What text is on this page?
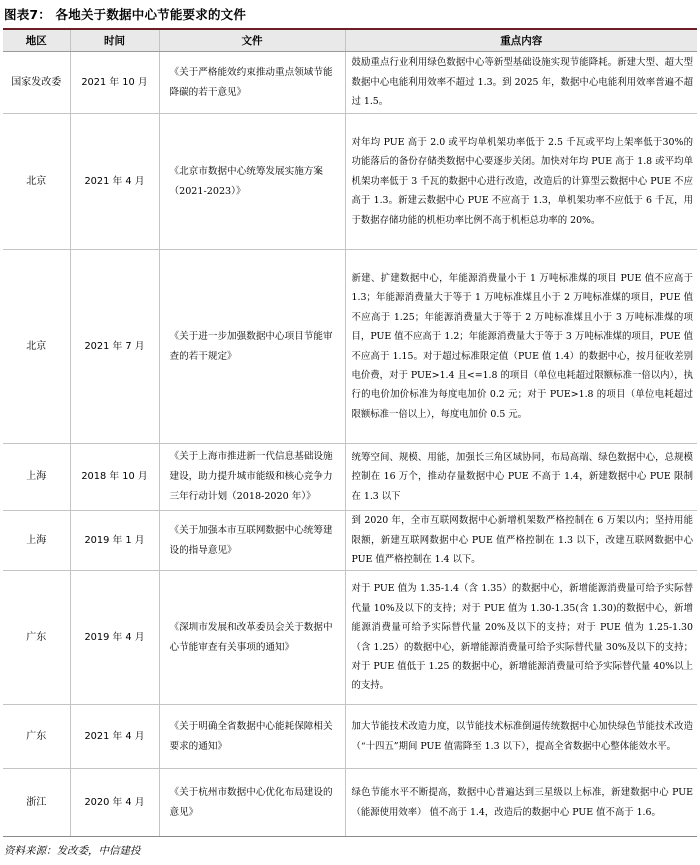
图表7： 各地关于数据中心节能要求的文件
地区	时间	文件	重点内容
国家发改委	2021 年 10 月	《关于严格能效约束推动重点领域节能降碳的若干意见》	鼓励重点行业利用绿色数据中心等新型基础设施实现节能降耗。新建大型、超大型数据中心电能利用效率不超过 1.3。到 2025 年，数据中心电能利用效率普遍不超过 1.5。
北京	2021 年 4 月	《北京市数据中心统筹发展实施方案（2021-2023）》	对年均 PUE 高于 2.0 或平均单机架功率低于 2.5 千瓦或平均上架率低于30%的功能落后的备份存储类数据中心要逐步关闭。加快对年均 PUE 高于 1.8 或平均单机架功率低于 3 千瓦的数据中心进行改造，改造后的计算型云数据中心 PUE 不应高于 1.3。新建云数据中心 PUE 不应高于 1.3，单机架功率不应低于 6 千瓦，用于数据存储功能的机柜功率比例不高于机柜总功率的 20%。
北京	2021 年 7 月	《关于进一步加强数据中心项目节能审查的若干规定》	新建、扩建数据中心，年能源消费量小于 1 万吨标准煤的项目 PUE 值不应高于 1.3；年能源消费量大于等于 1 万吨标准煤且小于 2 万吨标准煤的项目，PUE 值不应高于 1.25；年能源消费量大于等于 2 万吨标准煤且小于 3 万吨标准煤的项目，PUE 值不应高于 1.2；年能源消费量大于等于 3 万吨标准煤的项目，PUE 值不应高于 1.15。对于超过标准限定值（PUE 值 1.4）的数据中心，按月征收差别电价费，对于 PUE>1.4 且<=1.8 的项目（单位电耗超过限额标准一倍以内），执行的电价加价标准为每度电加价 0.2 元；对于 PUE>1.8 的项目（单位电耗超过限额标准一倍以上），每度电加价 0.5 元。
上海	2018 年 10 月	《关于上海市推进新一代信息基础设施建设，助力提升城市能级和核心竞争力三年行动计划（2018-2020 年）》	统筹空间、规模、用能，加强长三角区域协同，布局高端、绿色数据中心，总规模控制在 16 万个，推动存量数据中心 PUE 不高于 1.4，新建数据中心 PUE 限制在 1.3 以下
上海	2019 年 1 月	《关于加强本市互联网数据中心统筹建设的指导意见》	到 2020 年，全市互联网数据中心新增机架数严格控制在 6 万架以内；坚持用能限额，新建互联网数据中心 PUE 值严格控制在 1.3 以下，改建互联网数据中心 PUE 值严格控制在 1.4 以下。
广东	2019 年 4 月	《深圳市发展和改革委员会关于数据中心节能审查有关事项的通知》	对于 PUE 值为 1.35-1.4（含 1.35）的数据中心，新增能源消费量可给予实际替代量 10%及以下的支持；对于 PUE 值为 1.30-1.35(含 1.30)的数据中心，新增能源消费量可给予实际替代量 20%及以下的支持；对于 PUE 值为 1.25-1.30（含 1.25）的数据中心，新增能源消费量可给予实际替代量 30%及以下的支持；对于 PUE 值低于 1.25 的数据中心，新增能源消费量可给予实际替代量 40%以上的支持。
广东	2021 年 4 月	《关于明确全省数据中心能耗保障相关要求的通知》	加大节能技术改造力度，以节能技术标准倒逼传统数据中心加快绿色节能技术改造（“十四五”期间 PUE 值需降至 1.3 以下），提高全省数据中心整体能效水平。
浙江	2020 年 4 月	《关于杭州市数据中心优化布局建设的意见》	绿色节能水平不断提高，数据中心普遍达到三星级以上标准，新建数据中心 PUE（能源使用效率） 值不高于 1.4，改造后的数据中心 PUE 值不高于 1.6。
资料来源：发改委，中信建投
